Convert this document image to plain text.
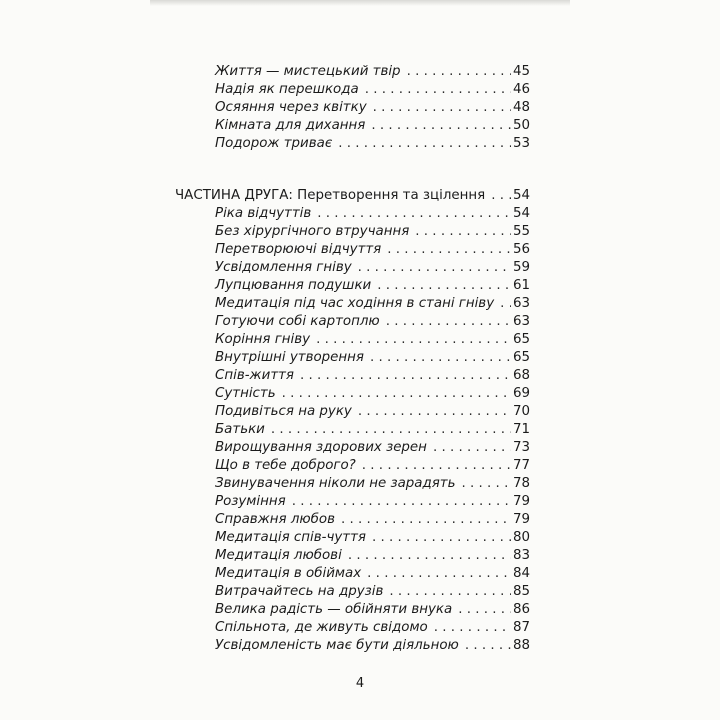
Життя — мистецький твір . . .	45
Надія як перешкода . . .	46
Осяяння через квітку . . .	48
Кімната для дихання . . .	50
Подорож триває . . .	53
ЧАСТИНА ДРУГА: Перетворення та зцілення . . . 54
Ріка відчуттів . . .	54
Без хірургічного втручання . . .	55
Перетворюючі відчуття . . .	56
Усвідомлення гніву . . .	59
Лупцювання подушки . . .	61
Медитація під час ходіння в стані гніву . . . 63
Готуючи собі картоплю . . .	63
Коріння гніву . . .	65
Внутрішні утворення . . .	65
Спів-життя . . .	68
Сутність . . .	69
Подивіться на руку . . .	70
Батьки . . .	71
Вирощування здорових зерен . . .	73
Що в тебе доброго? . . .	77
Звинувачення ніколи не зарадять . . .	78
Розуміння . . .	79
Справжня любов . . .	79
Медитація спів-чуття . . .	80
Медитація любові . . .	83
Медитація в обіймах . . .	84
Витрачайтесь на друзів . . .	85
Велика радість — обійняти внука . . .	86
Спільнота, де живуть свідомо . . .	87
Усвідомленість має бути діяльною . . .	88
4
